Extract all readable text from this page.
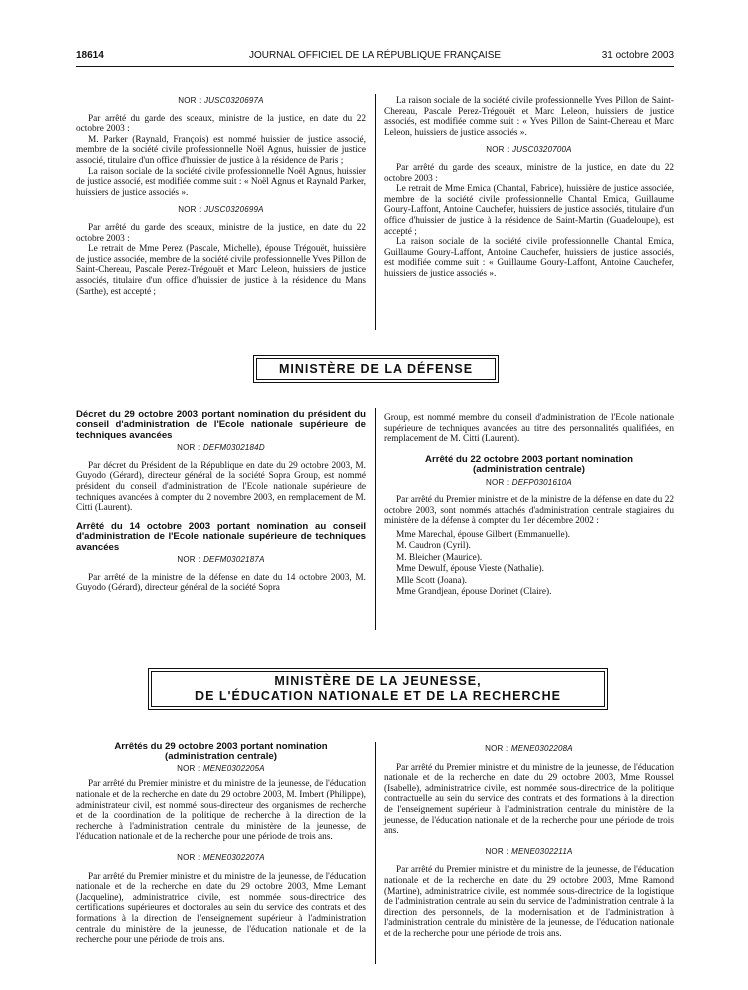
18614	JOURNAL OFFICIEL DE LA RÉPUBLIQUE FRANÇAISE	31 octobre 2003
NOR : JUSC0320697A

Par arrêté du garde des sceaux, ministre de la justice, en date du 22 octobre 2003 :

M. Parker (Raynald, François) est nommé huissier de justice associé, membre de la société civile professionnelle Noël Agnus, huissier de justice associé, titulaire d'un office d'huissier de justice à la résidence de Paris ;

La raison sociale de la société civile professionnelle Noël Agnus, huissier de justice associé, est modifiée comme suit : « Noël Agnus et Raynald Parker, huissiers de justice associés ».

NOR : JUSC0320699A

Par arrêté du garde des sceaux, ministre de la justice, en date du 22 octobre 2003 :

Le retrait de Mme Perez (Pascale, Michelle), épouse Trégouët, huissière de justice associée, membre de la société civile professionnelle Yves Pillon de Saint-Chereau, Pascale Perez-Trégouët et Marc Leleon, huissiers de justice associés, titulaire d'un office d'huissier de justice à la résidence du Mans (Sarthe), est accepté ;

La raison sociale de la société civile professionnelle Yves Pillon de Saint-Chereau, Pascale Perez-Trégouët et Marc Leleon, huissiers de justice associés, est modifiée comme suit : « Yves Pillon de Saint-Chereau et Marc Leleon, huissiers de justice associés ».

NOR : JUSC0320700A

Par arrêté du garde des sceaux, ministre de la justice, en date du 22 octobre 2003 :

Le retrait de Mme Emica (Chantal, Fabrice), huissière de justice associée, membre de la société civile professionnelle Chantal Emica, Guillaume Goury-Laffont, Antoine Cauchefer, huissiers de justice associés, titulaire d'un office d'huissier de justice à la résidence de Saint-Martin (Guadeloupe), est accepté ;

La raison sociale de la société civile professionnelle Chantal Emica, Guillaume Goury-Laffont, Antoine Cauchefer, huissiers de justice associés, est modifiée comme suit : « Guillaume Goury-Laffont, Antoine Cauchefer, huissiers de justice associés ».

MINISTÈRE DE LA DÉFENSE
Décret du 29 octobre 2003 portant nomination du président du conseil d'administration de l'Ecole nationale supérieure de techniques avancées
NOR : DEFM0302184D

Par décret du Président de la République en date du 29 octobre 2003, M. Guyodo (Gérard), directeur général de la société Sopra Group, est nommé président du conseil d'administration de l'Ecole nationale supérieure de techniques avancées à compter du 2 novembre 2003, en remplacement de M. Citti (Laurent).

Arrêté du 14 octobre 2003 portant nomination au conseil d'administration de l'Ecole nationale supérieure de techniques avancées
NOR : DEFM0302187A

Par arrêté de la ministre de la défense en date du 14 octobre 2003, M. Guyodo (Gérard), directeur général de la société Sopra

Group, est nommé membre du conseil d'administration de l'Ecole nationale supérieure de techniques avancées au titre des personnalités qualifiées, en remplacement de M. Citti (Laurent).

Arrêté du 22 octobre 2003 portant nomination (administration centrale)
NOR : DEFP0301610A

Par arrêté du Premier ministre et de la ministre de la défense en date du 22 octobre 2003, sont nommés attachés d'administration centrale stagiaires du ministère de la défense à compter du 1er décembre 2002 :

Mme Marechal, épouse Gilbert (Emmanuelle).

M. Caudron (Cyril).

M. Bleicher (Maurice).

Mme Dewulf, épouse Vieste (Nathalie).

Mlle Scott (Joana).

Mme Grandjean, épouse Dorinet (Claire).

MINISTÈRE DE LA JEUNESSE,
DE L'ÉDUCATION NATIONALE ET DE LA RECHERCHE
Arrêtés du 29 octobre 2003 portant nomination (administration centrale)
NOR : MENE0302205A

Par arrêté du Premier ministre et du ministre de la jeunesse, de l'éducation nationale et de la recherche en date du 29 octobre 2003, M. Imbert (Philippe), administrateur civil, est nommé sous-directeur des organismes de recherche et de la coordination de la politique de recherche à la direction de la recherche à l'administration centrale du ministère de la jeunesse, de l'éducation nationale et de la recherche pour une période de trois ans.

NOR : MENE0302207A

Par arrêté du Premier ministre et du ministre de la jeunesse, de l'éducation nationale et de la recherche en date du 29 octobre 2003, Mme Lemant (Jacqueline), administratrice civile, est nommée sous-directrice des certifications supérieures et doctorales au sein du service des contrats et des formations à la direction de l'enseignement supérieur à l'administration centrale du ministère de la jeunesse, de l'éducation nationale et de la recherche pour une période de trois ans.

NOR : MENE0302208A

Par arrêté du Premier ministre et du ministre de la jeunesse, de l'éducation nationale et de la recherche en date du 29 octobre 2003, Mme Roussel (Isabelle), administratrice civile, est nommée sous-directrice de la politique contractuelle au sein du service des contrats et des formations à la direction de l'enseignement supérieur à l'administration centrale du ministère de la jeunesse, de l'éducation nationale et de la recherche pour une période de trois ans.

NOR : MENE0302211A

Par arrêté du Premier ministre et du ministre de la jeunesse, de l'éducation nationale et de la recherche en date du 29 octobre 2003, Mme Ramond (Martine), administratrice civile, est nommée sous-directrice de la logistique de l'administration centrale au sein du service de l'administration centrale à la direction des personnels, de la modernisation et de l'administration à l'administration centrale du ministère de la jeunesse, de l'éducation nationale et de la recherche pour une période de trois ans.
